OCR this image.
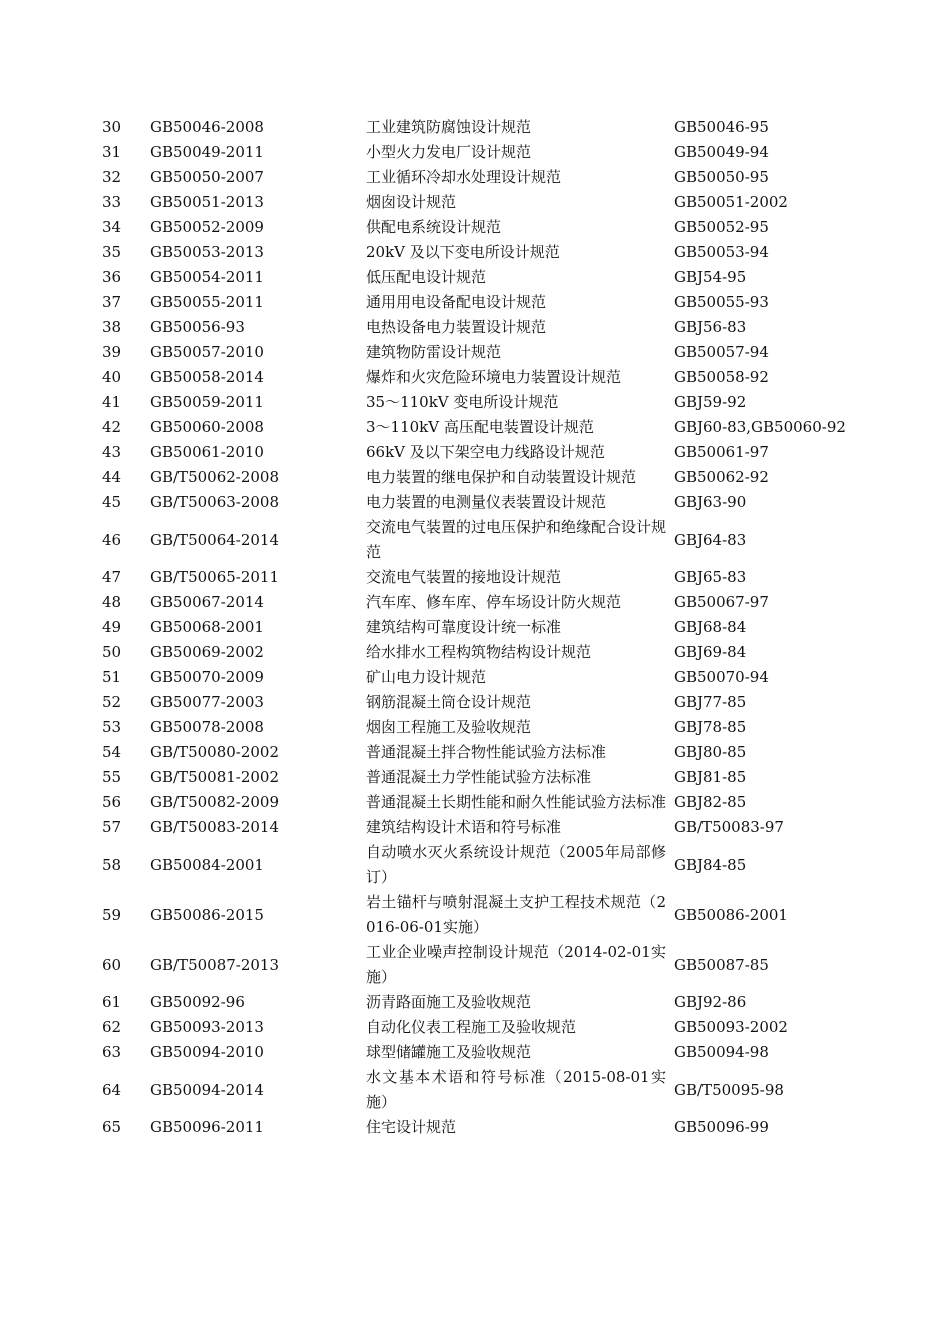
30	GB50046-2008	工业建筑防腐蚀设计规范	GB50046-95
31	GB50049-2011	小型火力发电厂设计规范	GB50049-94
32	GB50050-2007	工业循环冷却水处理设计规范	GB50050-95
33	GB50051-2013	烟囱设计规范	GB50051-2002
34	GB50052-2009	供配电系统设计规范	GB50052-95
35	GB50053-2013	20kV 及以下变电所设计规范	GB50053-94
36	GB50054-2011	低压配电设计规范	GBJ54-95
37	GB50055-2011	通用用电设备配电设计规范	GB50055-93
38	GB50056-93	电热设备电力装置设计规范	GBJ56-83
39	GB50057-2010	建筑物防雷设计规范	GB50057-94
40	GB50058-2014	爆炸和火灾危险环境电力装置设计规范	GB50058-92
41	GB50059-2011	35～110kV 变电所设计规范	GBJ59-92
42	GB50060-2008	3～110kV 高压配电装置设计规范	GBJ60-83,GB50060-92
43	GB50061-2010	66kV 及以下架空电力线路设计规范	GB50061-97
44	GB/T50062-2008	电力装置的继电保护和自动装置设计规范	GB50062-92
45	GB/T50063-2008	电力装置的电测量仪表装置设计规范	GBJ63-90
46	GB/T50064-2014	交流电气装置的过电压保护和绝缘配合设计规范	GBJ64-83
47	GB/T50065-2011	交流电气装置的接地设计规范	GBJ65-83
48	GB50067-2014	汽车库、修车库、停车场设计防火规范	GB50067-97
49	GB50068-2001	建筑结构可靠度设计统一标准	GBJ68-84
50	GB50069-2002	给水排水工程构筑物结构设计规范	GBJ69-84
51	GB50070-2009	矿山电力设计规范	GB50070-94
52	GB50077-2003	钢筋混凝土筒仓设计规范	GBJ77-85
53	GB50078-2008	烟囱工程施工及验收规范	GBJ78-85
54	GB/T50080-2002	普通混凝土拌合物性能试验方法标准	GBJ80-85
55	GB/T50081-2002	普通混凝土力学性能试验方法标准	GBJ81-85
56	GB/T50082-2009	普通混凝土长期性能和耐久性能试验方法标准	GBJ82-85
57	GB/T50083-2014	建筑结构设计术语和符号标准	GB/T50083-97
58	GB50084-2001	自动喷水灭火系统设计规范（2005年局部修订）	GBJ84-85
59	GB50086-2015	岩土锚杆与喷射混凝土支护工程技术规范（2016-06-01实施）	GB50086-2001
60	GB/T50087-2013	工业企业噪声控制设计规范（2014-02-01实施）	GB50087-85
61	GB50092-96	沥青路面施工及验收规范	GBJ92-86
62	GB50093-2013	自动化仪表工程施工及验收规范	GB50093-2002
63	GB50094-2010	球型储罐施工及验收规范	GB50094-98
64	GB50094-2014	水文基本术语和符号标准（2015-08-01实施）	GB/T50095-98
65	GB50096-2011	住宅设计规范	GB50096-99
